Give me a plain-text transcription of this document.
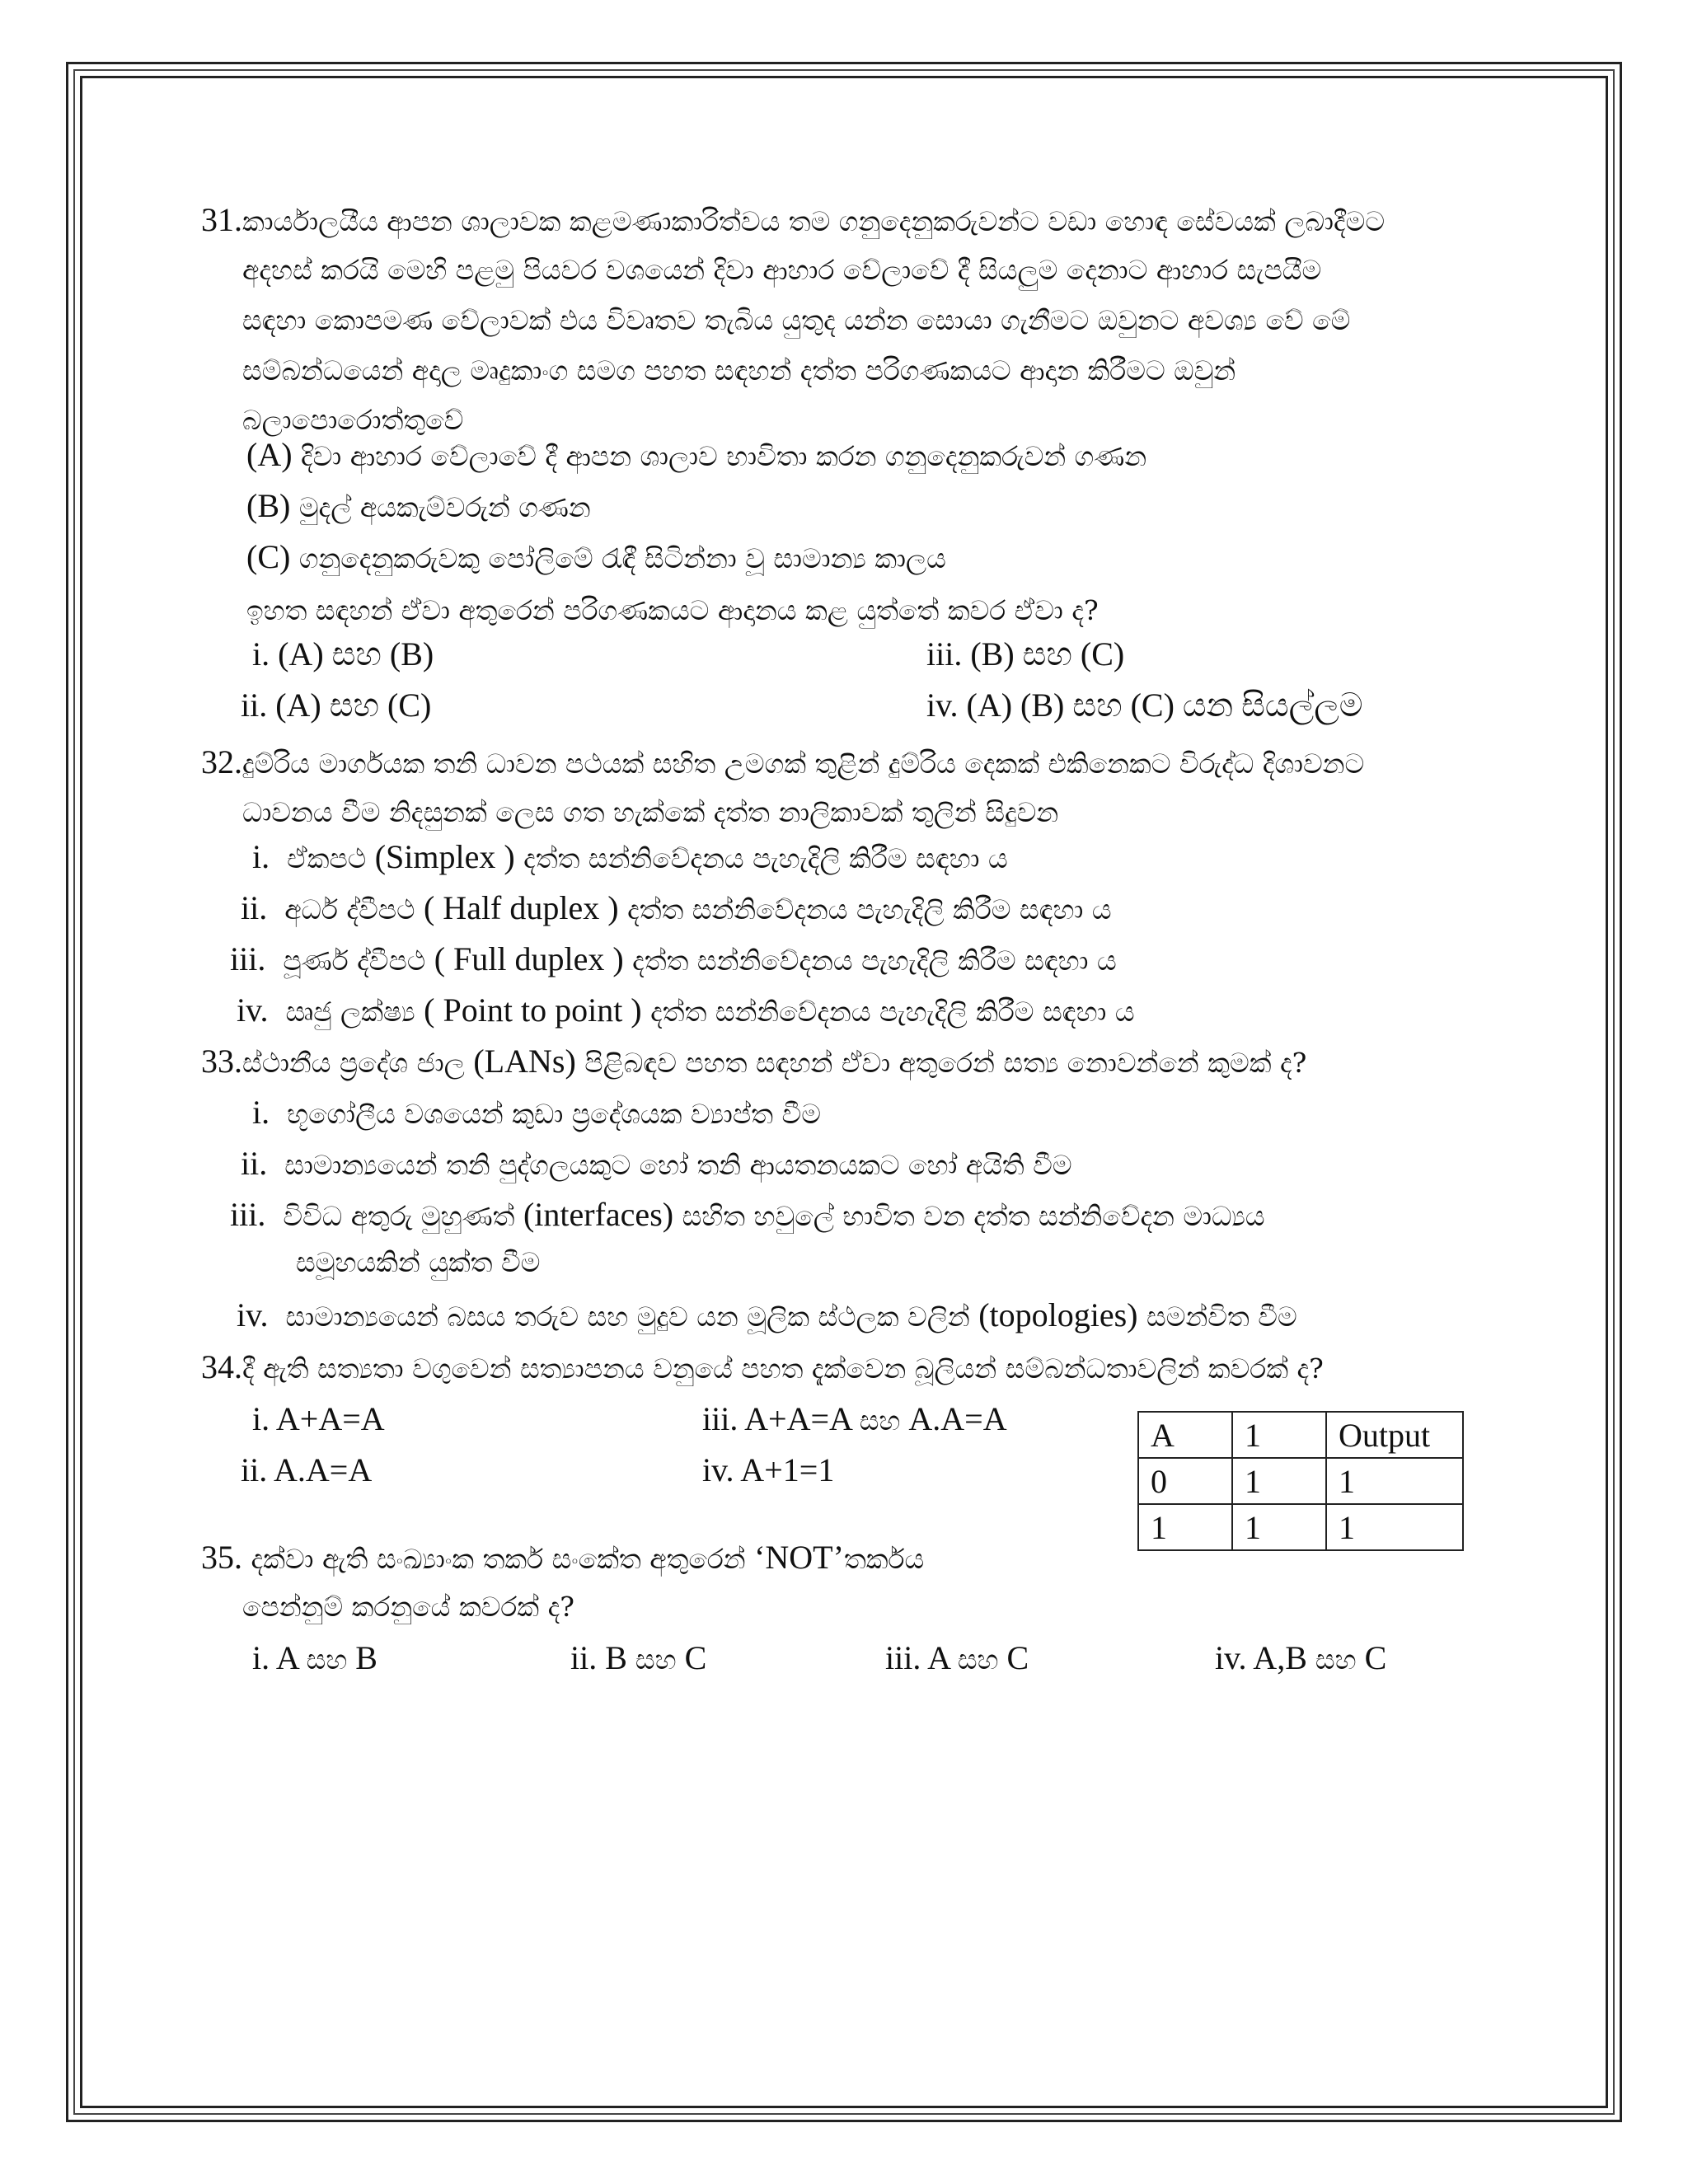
31.කාර්යාලයීය ආපන ශාලාවක කළමණාකාරිත්වය තම ගනුදෙනුකරුවන්ට වඩා හොඳ සේවයක් ලබාදීමට
අදහස් කරයි මෙහි පළමු පියවර වශයෙන් දිවා ආහාර වේලාවේ දී සියලුම දෙනාට ආහාර සැපයීම
සඳහා කොපමණ වේලාවක් එය විවෘතව තැබිය යුතුද යන්න සොයා ගැනීමට ඔවුනට අවශ්‍ය වේ මේ
සම්බන්ධයෙන් අදාල මෘදුකාංග සමග පහත සඳහන් දත්ත පරිගණකයට ආදාන කිරීමට ඔවුන්
බලාපොරොත්තුවේ
(A) දිවා ආහාර වේලාවේ දී ආපන ශාලාව භාවිතා කරන ගනුදෙනුකරුවන් ගණන
(B) මුදල් අයකැම්වරුන් ගණන
(C) ගනුදෙනුකරුවකු පෝලිමේ රැඳී සිටින්නා වූ සාමාන්‍ය කාලය
ඉහත සඳහන් ඒවා අතුරෙන් පරිගණකයට ආදානය කළ යුත්තේ කවර ඒවා ද?
i. (A) සහ (B)
ii. (A) සහ (C)
iii. (B) සහ (C)
iv. (A) (B) සහ (C) යන සියල්ලම
32.දුම්රිය මාර්ගයක තනි ධාවන පථයක් සහිත උමගක් තුළින් දුම්රිය දෙකක් එකිනෙකට විරුද්ධ දිශාවනට
ධාවනය වීම නිදසුනක් ලෙස ගත හැක්කේ දත්ත නාලිකාවක් තුලින් සිදුවන
i. ඒකපථ (Simplex ) දත්ත සන්නිවේදනය පැහැදිලි කිරීම සඳහා ය
ii. අර්ධ ද්වීපථ ( Half duplex ) දත්ත සන්නිවේදනය පැහැදිලි කිරීම සඳහා ය
iii. පූර්ණ ද්වීපථ ( Full duplex ) දත්ත සන්නිවේදනය පැහැදිලි කිරීම සඳහා ය
iv. ඍජු ලක්ෂ්‍ය ( Point to point ) දත්ත සන්නිවේදනය පැහැදිලි කිරීම සඳහා ය
33.ස්ථානීය ප්‍රදේශ ජාල (LANs) පිළිබඳව පහත සඳහන් ඒවා අතුරෙන් සත්‍ය නොවන්නේ කුමක් ද?
i. භූගෝලීය වශයෙන් කුඩා ප්‍රදේශයක ව්‍යාප්ත වීම
ii. සාමාන්‍යයෙන් තනි පුද්ගලයකුට හෝ තනි ආයතනයකට හෝ අයිති වීම
iii. විවිධ අතුරු මුහුණත් (interfaces) සහිත හවුලේ භාවිත වන දත්ත සන්නිවේදන මාධ්‍යය
සමූහයකින් යුක්ත වීම
iv. සාමාන්‍යයෙන් බසය තරුව සහ මුදුව යන මූලික ස්ථලක වලින් (topologies) සමන්විත වීම
34.දී ඇති සත්‍යතා වගුවෙන් සත්‍යාපනය වනුයේ පහත දැක්වෙන බූලියන් සම්බන්ධතාවලින් කවරක් ද?
i. A+A=A
ii. A.A=A
iii. A+A=A සහ A.A=A
iv. A+1=1
A	1	Output
0	1	1
1	1	1
35. දක්වා ඇති සංඛ්‍යාංක තර්ක සංකේත අතුරෙන් ‘NOT’තර්කය
පෙන්නුම් කරනුයේ කවරක් ද?
i. A සහ B	ii. B සහ C	iii. A සහ C	iv. A,B සහ C
